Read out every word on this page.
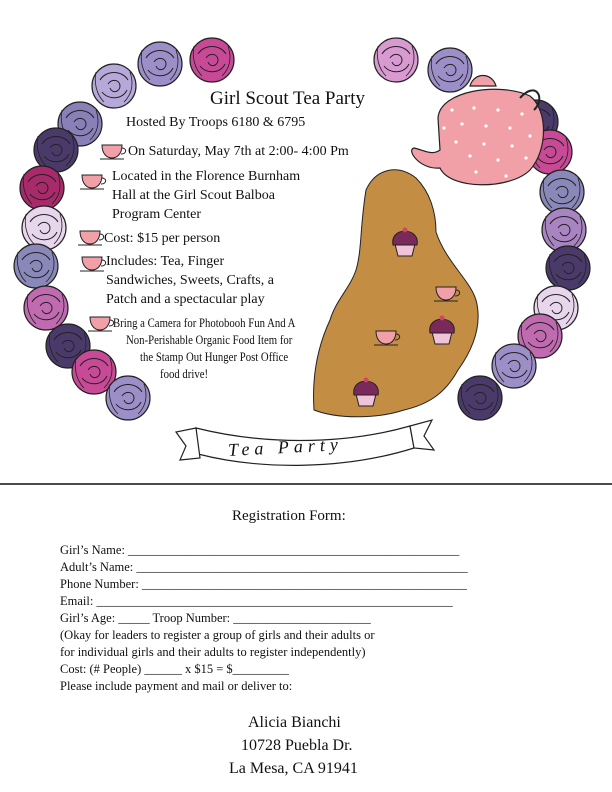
Girl Scout Tea Party
Hosted By Troops 6180 & 6795
On Saturday, May 7th at 2:00- 4:00 Pm
Located in the Florence Burnham
Hall at the Girl Scout Balboa
Program Center
Cost: $15 per person
Includes: Tea, Finger
Sandwiches, Sweets, Crafts, a
Patch and a spectacular play
Bring a Camera for Photobooh Fun And A
Non-Perishable Organic Food Item for
the Stamp Out Hunger Post Office
food drive!
Tea Party
Registration Form:
Girl’s Name: _____________________________________________________
Adult’s Name: _____________________________________________________
Phone Number: ____________________________________________________
Email: _________________________________________________________
Girl’s Age: _____ Troop Number: ______________________
(Okay for leaders to register a group of girls and their adults or
for individual girls and their adults to register independently)
Cost: (# People) ______ x $15 = $_________
Please include payment and mail or deliver to:
Alicia Bianchi
10728 Puebla Dr.
La Mesa, CA 91941
